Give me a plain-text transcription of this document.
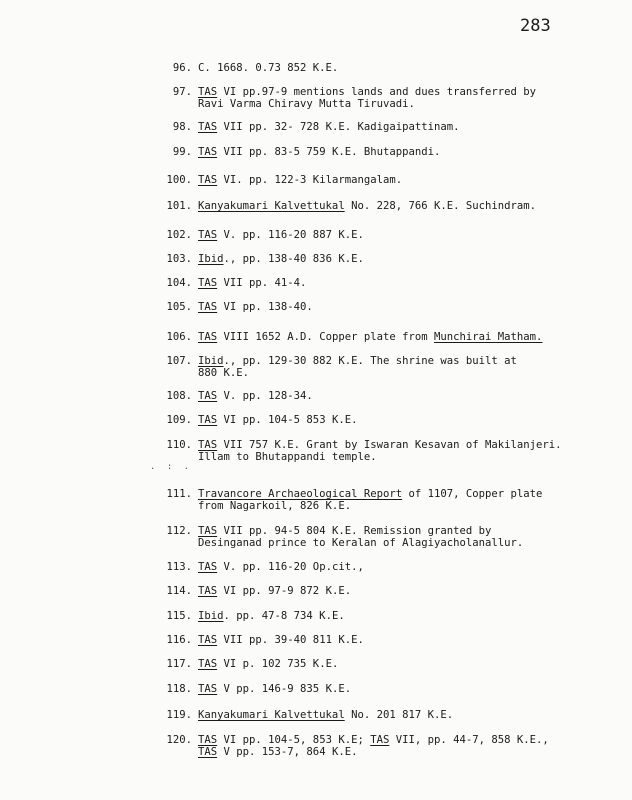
283
96. C. 1668. 0.73 852 K.E.
97. TAS VI pp.97-9 mentions lands and dues transferred by
Ravi Varma Chiravy Mutta Tiruvadi.
98. TAS VII pp. 32- 728 K.E. Kadigaipattinam.
99. TAS VII pp. 83-5 759 K.E. Bhutappandi.
100. TAS VI. pp. 122-3 Kilarmangalam.
101. Kanyakumari Kalvettukal No. 228, 766 K.E. Suchindram.
102. TAS V. pp. 116-20 887 K.E.
103. Ibid., pp. 138-40 836 K.E.
104. TAS VII pp. 41-4.
105. TAS VI pp. 138-40.
106. TAS VIII 1652 A.D. Copper plate from Munchirai Matham.
107. Ibid., pp. 129-30 882 K.E. The shrine was built at
880 K.E.
108. TAS V. pp. 128-34.
109. TAS VI pp. 104-5 853 K.E.
110. TAS VII 757 K.E. Grant by Iswaran Kesavan of Makilanjeri.
Illam to Bhutappandi temple.
111. Travancore Archaeological Report of 1107, Copper plate
from Nagarkoil, 826 K.E.
112. TAS VII pp. 94-5 804 K.E. Remission granted by
Desinganad prince to Keralan of Alagiyacholanallur.
113. TAS V. pp. 116-20 Op.cit.,
114. TAS VI pp. 97-9 872 K.E.
115. Ibid. pp. 47-8 734 K.E.
116. TAS VII pp. 39-40 811 K.E.
117. TAS VI p. 102 735 K.E.
118. TAS V pp. 146-9 835 K.E.
119. Kanyakumari Kalvettukal No. 201 817 K.E.
120. TAS VI pp. 104-5, 853 K.E; TAS VII, pp. 44-7, 858 K.E.,
TAS V pp. 153-7, 864 K.E.
. : .
